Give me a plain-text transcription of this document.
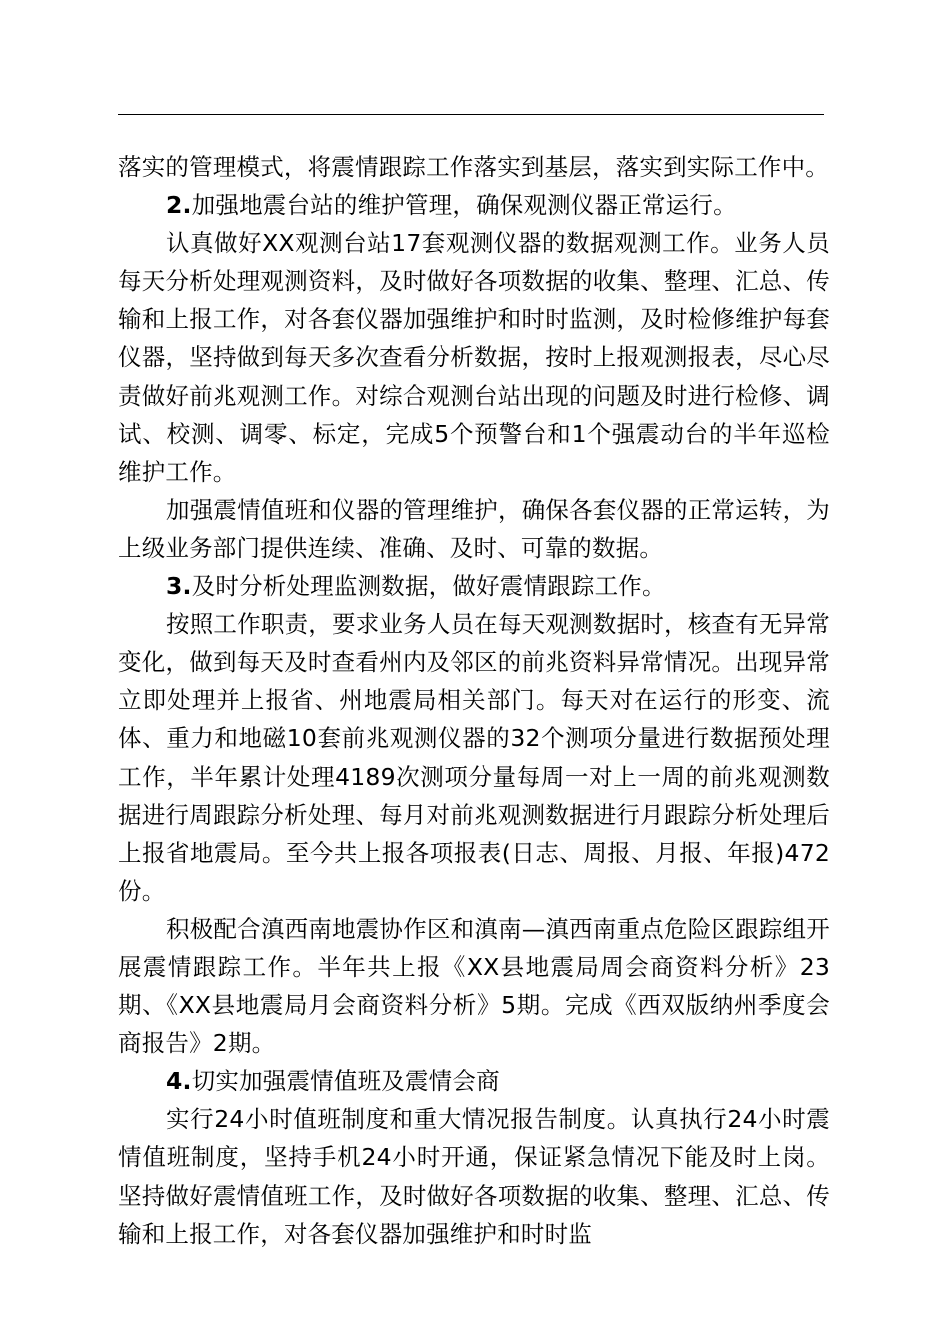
落实的管理模式，将震情跟踪工作落实到基层，落实到实际工作中。

2.加强地震台站的维护管理，确保观测仪器正常运行。

认真做好XX观测台站17套观测仪器的数据观测工作。业务人员每天分析处理观测资料，及时做好各项数据的收集、整理、汇总、传输和上报工作，对各套仪器加强维护和时时监测，及时检修维护每套仪器，坚持做到每天多次查看分析数据，按时上报观测报表，尽心尽责做好前兆观测工作。对综合观测台站出现的问题及时进行检修、调试、校测、调零、标定，完成5个预警台和1个强震动台的半年巡检维护工作。

加强震情值班和仪器的管理维护，确保各套仪器的正常运转，为上级业务部门提供连续、准确、及时、可靠的数据。

3.及时分析处理监测数据，做好震情跟踪工作。

按照工作职责，要求业务人员在每天观测数据时，核查有无异常变化，做到每天及时查看州内及邻区的前兆资料异常情况。出现异常立即处理并上报省、州地震局相关部门。每天对在运行的形变、流体、重力和地磁10套前兆观测仪器的32个测项分量进行数据预处理工作，半年累计处理4189次测项分量每周一对上一周的前兆观测数据进行周跟踪分析处理、每月对前兆观测数据进行月跟踪分析处理后上报省地震局。至今共上报各项报表(日志、周报、月报、年报)472份。

积极配合滇西南地震协作区和滇南—滇西南重点危险区跟踪组开展震情跟踪工作。半年共上报《XX县地震局周会商资料分析》23期、《XX县地震局月会商资料分析》5期。完成《西双版纳州季度会商报告》2期。

4.切实加强震情值班及震情会商

实行24小时值班制度和重大情况报告制度。认真执行24小时震情值班制度，坚持手机24小时开通，保证紧急情况下能及时上岗。坚持做好震情值班工作，及时做好各项数据的收集、整理、汇总、传输和上报工作，对各套仪器加强维护和时时监
